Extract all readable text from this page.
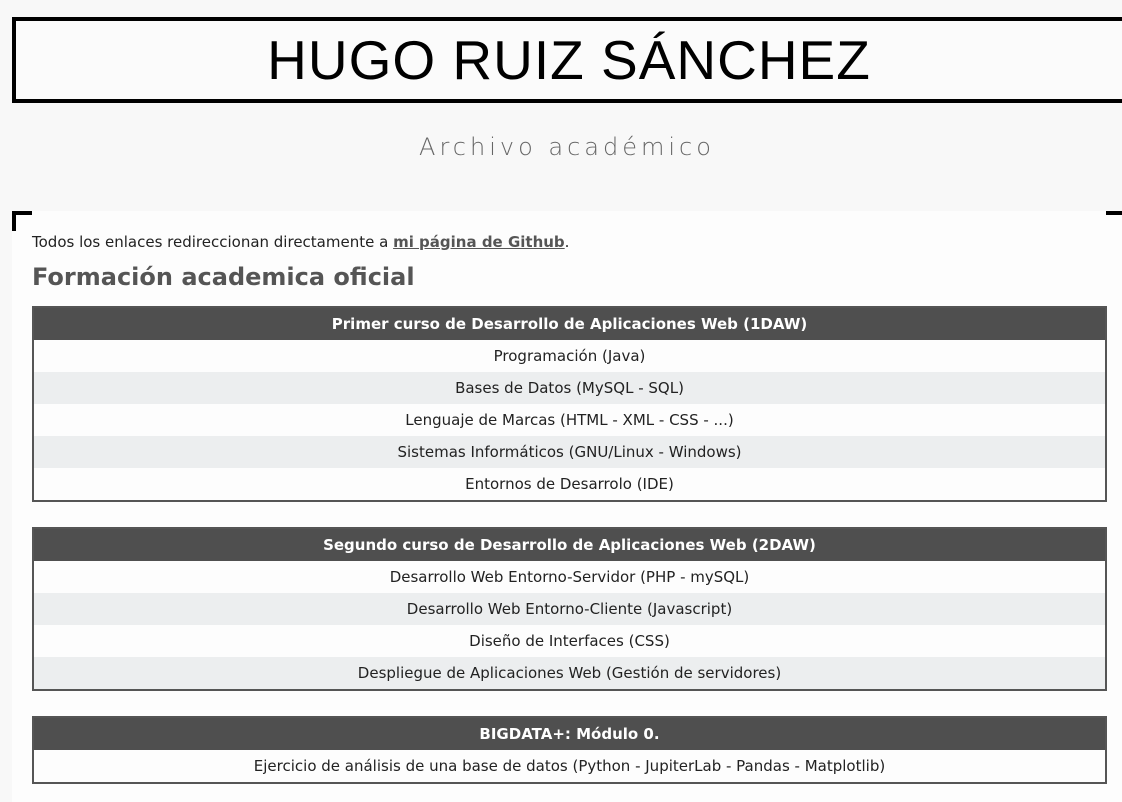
HUGO RUIZ SÁNCHEZ
Archivo académico
Todos los enlaces redireccionan directamente a mi página de Github.
Formación academica oficial
Primer curso de Desarrollo de Aplicaciones Web (1DAW)
Programación (Java)
Bases de Datos (MySQL - SQL)
Lenguaje de Marcas (HTML - XML - CSS - ...)
Sistemas Informáticos (GNU/Linux - Windows)
Entornos de Desarrolo (IDE)
Segundo curso de Desarrollo de Aplicaciones Web (2DAW)
Desarrollo Web Entorno-Servidor (PHP - mySQL)
Desarrollo Web Entorno-Cliente (Javascript)
Diseño de Interfaces (CSS)
Despliegue de Aplicaciones Web (Gestión de servidores)
BIGDATA+: Módulo 0.
Ejercicio de análisis de una base de datos (Python - JupiterLab - Pandas - Matplotlib)
